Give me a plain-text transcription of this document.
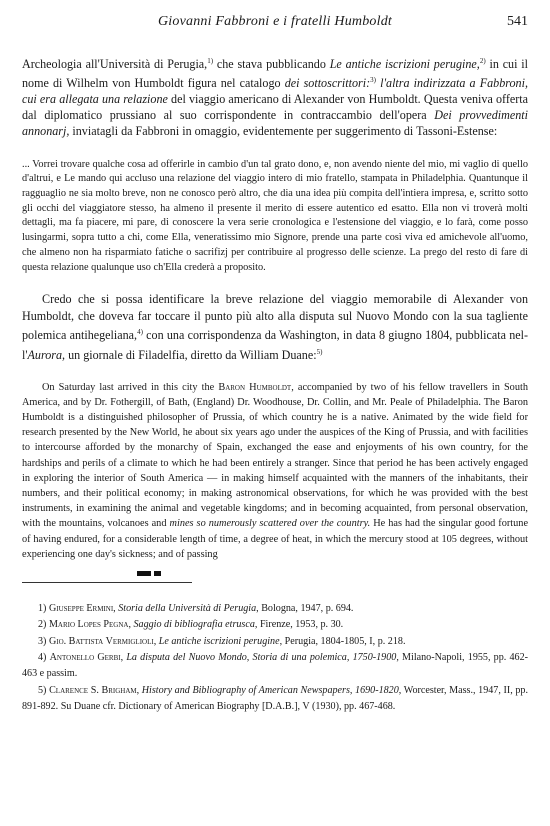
Giovanni Fabbroni e i fratelli Humboldt	541

Archeologia all'Università di Perugia,$^{1)}$ che stava pubblicando Le antiche iscrizioni perugine,$^{2)}$ in cui il nome di Wilhelm von Humboldt figura nel catalogo dei sottoscrittori:$^{3)}$ l'altra indirizzata a Fabbroni, cui era allegata una relazione del viaggio americano di Alexander von Humboldt. Questa veniva offerta dal diplomatico prussiano al suo corrispondente in contraccambio dell'opera Dei provvedimenti annonarj, inviatagli da Fabbroni in omaggio, evidentemente per suggerimento di Tassoni-Estense:

... Vorrei trovare qualche cosa ad offerirle in cambio d'un tal grato dono, e, non avendo niente del mio, mi vaglio di quello d'altrui, e Le mando qui accluso una relazione del viaggio intero di mio fratello, stampata in Philadelphia. Quantunque il ragguaglio ne sia molto breve, non ne conosco però altro, che dia una idea più compita dell'intiera impresa, e, scritto sotto gli occhi del viaggiatore stesso, ha almeno il presente il merito di essere autentico ed esatto. Ella non vi troverà molti dettagli, ma fa piacere, mi pare, di conoscere la vera serie cronologica e l'estensione del viaggio, e lo farà, come posso lusingarmi, sopra tutto a chi, come Ella, veneratissimo mio Signore, prende una parte così viva ed amichevole all'uomo, che almeno non ha risparmiato fatiche o sacrifizj per contribuire al progresso delle scienze. La prego del resto di fare di questa relazione qualunque uso ch'Ella crederà a proposito.

Credo che si possa identificare la breve relazione del viaggio memorabile di Alexander von Humboldt, che doveva far toccare il punto più alto alla disputa sul Nuovo Mondo con la sua tagliente polemica antihegeliana,$^{4)}$ con una corrispondenza da Washington, in data 8 giugno 1804, pubblicata nel-l'Aurora, un giornale di Filadelfia, diretto da William Duane:$^{5)}$

On Saturday last arrived in this city the Baron Humboldt, accompanied by two of his fellow travellers in South America, and by Dr. Fothergill, of Bath, (England) Dr. Woodhouse, Dr. Collin, and Mr. Peale of Philadelphia. The Baron Humboldt is a distinguished philosopher of Prussia, of which country he is a native. Animated by the wide field for research presented by the New World, he about six years ago under the auspices of the King of Prussia, and with facilities to intercourse afforded by the monarchy of Spain, exchanged the ease and enjoyments of his own country, for the hardships and perils of a climate to which he had been entirely a stranger. Since that period he has been actively engaged in exploring the interior of South America — in making himself acquainted with the manners of the inhabitants, their numbers, and their political economy; in making astronomical observations, for which he was provided with the best instruments, in examining the animal and vegetable kingdoms; and in becoming acquainted, from personal observation, with the mountains, volcanoes and mines so numerously scattered over the country. He has had the singular good fortune of having endured, for a considerable length of time, a degree of heat, in which the mercury stood at 105 degrees, without experiencing one day's sickness; and of passing

1) Giuseppe Ermini, Storia della Università di Perugia, Bologna, 1947, p. 694.

2) Mario Lopes Pegna, Saggio di bibliografia etrusca, Firenze, 1953, p. 30.

3) Gio. Battista Vermiglioli, Le antiche iscrizioni perugine, Perugia, 1804-1805, I, p. 218.

4) Antonello Gerbi, La disputa del Nuovo Mondo, Storia di una polemica, 1750-1900, Milano-Napoli, 1955, pp. 462-463 e passim.

5) Clarence S. Brigham, History and Bibliography of American Newspapers, 1690-1820, Worcester, Mass., 1947, II, pp. 891-892. Su Duane cfr. Dictionary of American Biography [D.A.B.], V (1930), pp. 467-468.
